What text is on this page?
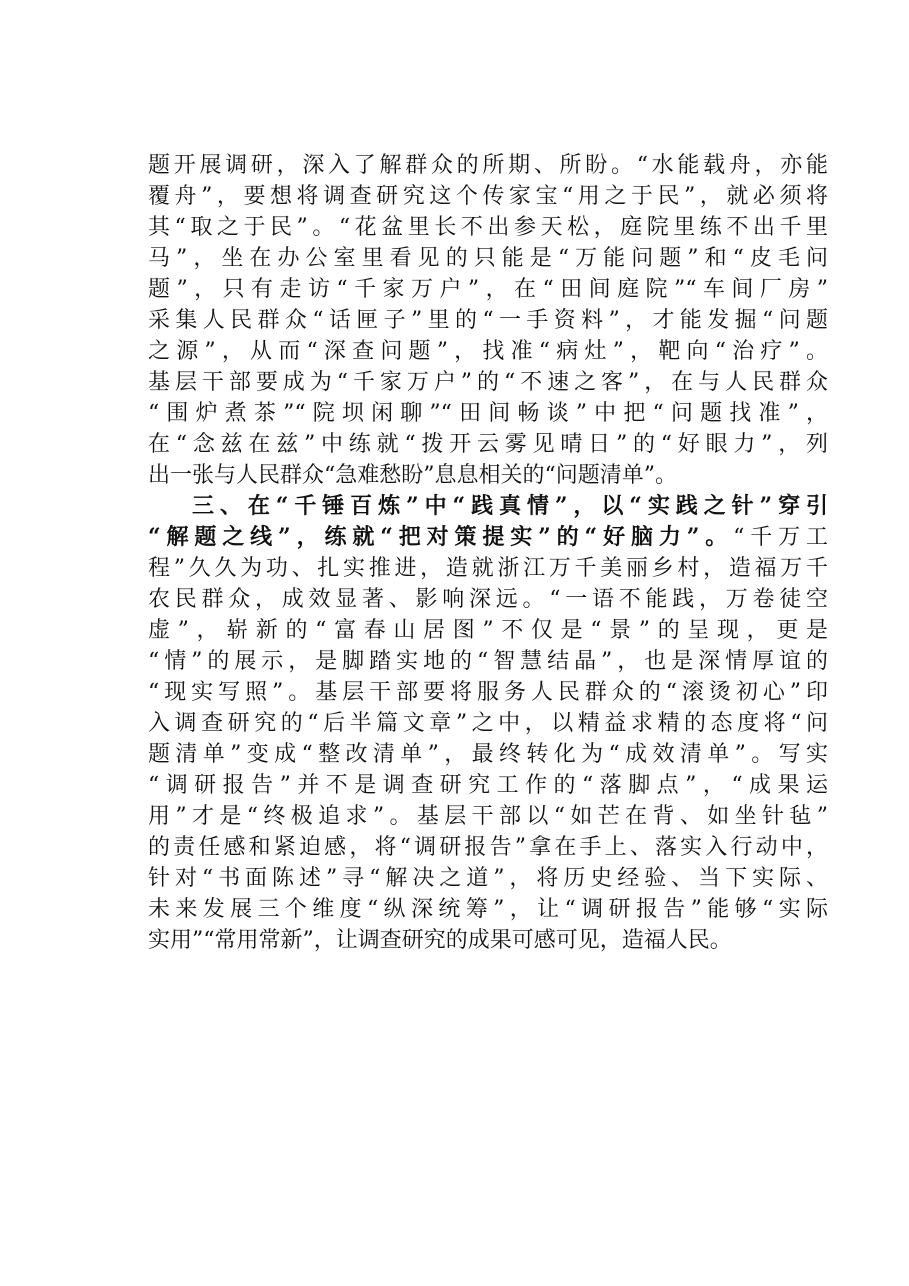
题开展调研，深入了解群众的所期、所盼。“水能载舟，亦能
覆舟”，要想将调查研究这个传家宝“用之于民”，就必须将
其“取之于民”。“花盆里长不出参天松，庭院里练不出千里
马”，坐在办公室里看见的只能是“万能问题”和“皮毛问
题”，只有走访“千家万户”，在“田间庭院”“车间厂房”
采集人民群众“话匣子”里的“一手资料”，才能发掘“问题
之源”，从而“深查问题”，找准“病灶”，靶向“治疗”。
基层干部要成为“千家万户”的“不速之客”，在与人民群众
“围炉煮茶”“院坝闲聊”“田间畅谈”中把“问题找准”，
在“念兹在兹”中练就“拨开云雾见晴日”的“好眼力”，列
出一张与人民群众“急难愁盼”息息相关的“问题清单”。
三、在“千锤百炼”中“践真情”，以“实践之针”穿引
“解题之线”，练就“把对策提实”的“好脑力”。“千万工
程”久久为功、扎实推进，造就浙江万千美丽乡村，造福万千
农民群众，成效显著、影响深远。“一语不能践，万卷徒空
虚”，崭新的“富春山居图”不仅是“景”的呈现，更是
“情”的展示，是脚踏实地的“智慧结晶”，也是深情厚谊的
“现实写照”。基层干部要将服务人民群众的“滚烫初心”印
入调查研究的“后半篇文章”之中，以精益求精的态度将“问
题清单”变成“整改清单”，最终转化为“成效清单”。写实
“调研报告”并不是调查研究工作的“落脚点”，“成果运
用”才是“终极追求”。基层干部以“如芒在背、如坐针毡”
的责任感和紧迫感，将“调研报告”拿在手上、落实入行动中，
针对“书面陈述”寻“解决之道”，将历史经验、当下实际、
未来发展三个维度“纵深统筹”，让“调研报告”能够“实际
实用”“常用常新”，让调查研究的成果可感可见，造福人民。
